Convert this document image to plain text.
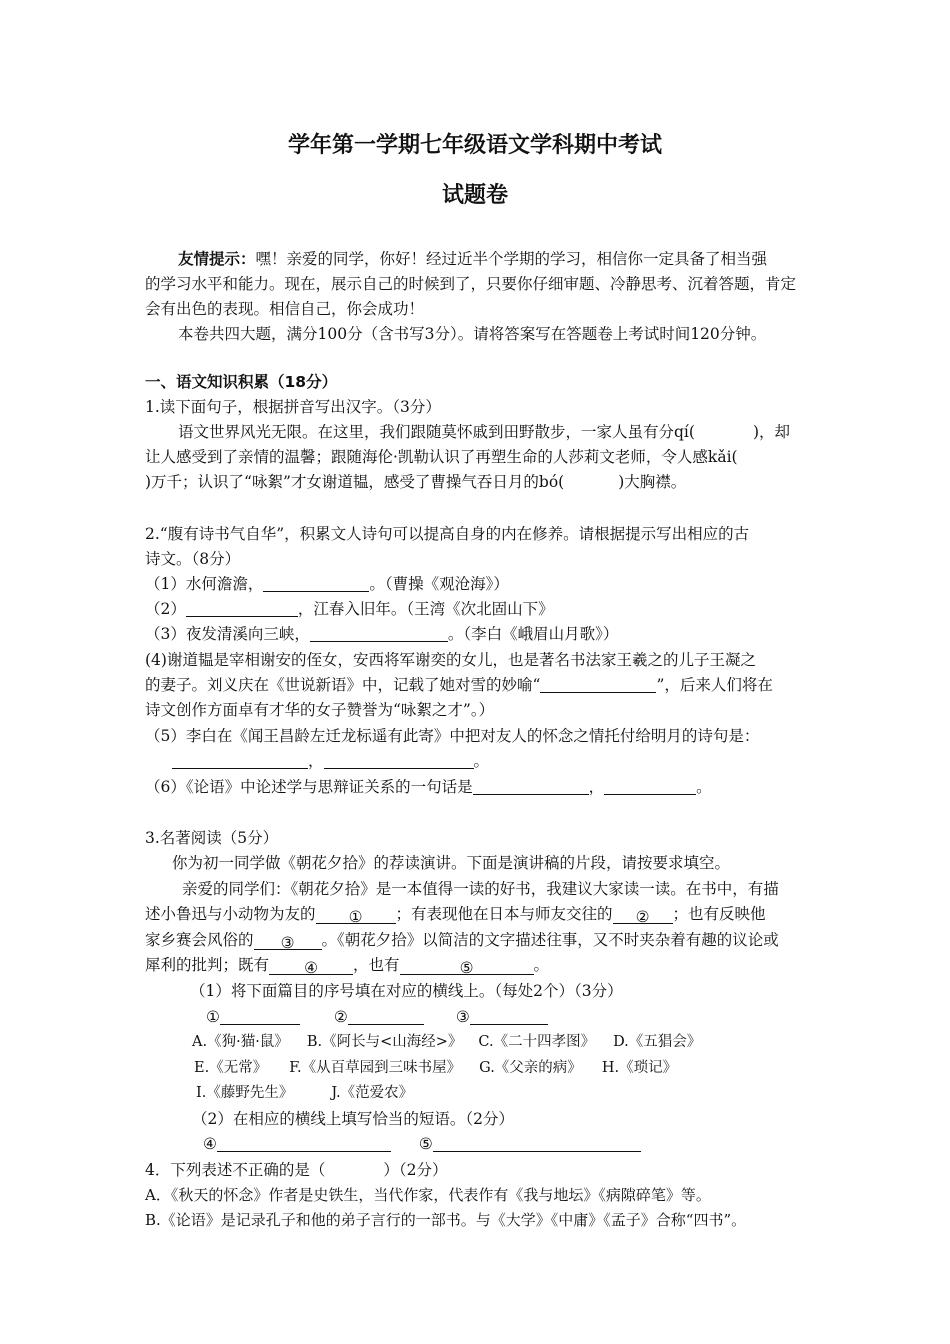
学年第一学期七年级语文学科期中考试
试题卷
友情提示：嘿！亲爱的同学，你好！经过近半个学期的学习，相信你一定具备了相当强
的学习水平和能力。现在，展示自己的时候到了，只要你仔细审题、冷静思考、沉着答题，肯定
会有出色的表现。相信自己，你会成功！
本卷共四大题，满分100分（含书写3分）。请将答案写在答题卷上考试时间120分钟。
一、语文知识积累（18分）
1.读下面句子，根据拼音写出汉字。（3分）
语文世界风光无限。在这里，我们跟随莫怀戚到田野散步，一家人虽有分qí(	)，却
让人感受到了亲情的温馨；跟随海伦·凯勒认识了再塑生命的人莎莉文老师，令人感kǎi(
)万千；认识了“咏絮”才女谢道韫，感受了曹操气吞日月的bó(	)大胸襟。
2.“腹有诗书气自华”，积累文人诗句可以提高自身的内在修养。请根据提示写出相应的古
诗文。（8分）
（1）水何澹澹，	。（曹操《观沧海》）
（2）	，江春入旧年。（王湾《次北固山下》
（3）夜发清溪向三峡，	。（李白《峨眉山月歌》）
(4)谢道韫是宰相谢安的侄女，安西将军谢奕的女儿，也是著名书法家王羲之的儿子王凝之
的妻子。刘义庆在《世说新语》中，记载了她对雪的妙喻“	”，后来人们将在
诗文创作方面卓有才华的女子赞誉为“咏絮之才”。）
（5）李白在《闻王昌龄左迁龙标遥有此寄》中把对友人的怀念之情托付给明月的诗句是：
，	。
（6）《论语》中论述学与思辩证关系的一句话是	，	。
3.名著阅读（5分）
你为初一同学做《朝花夕拾》的荐读演讲。下面是演讲稿的片段，请按要求填空。
亲爱的同学们：《朝花夕拾》是一本值得一读的好书，我建议大家读一读。在书中，有描
述小鲁迅与小动物为友的 ① ；有表现他在日本与师友交往的 ② ；也有反映他
家乡赛会风俗的 ③ 。《朝花夕拾》以简洁的文字描述往事，又不时夹杂着有趣的议论或
犀利的批判；既有 ④ ，也有	⑤	。
（1）将下面篇目的序号填在对应的横线上。（每处2个）（3分）
①	②	③
A.《狗·猫·鼠》 B.《阿长与<山海经>》 C.《二十四孝图》 D.《五猖会》
E.《无常》 F.《从百草园到三味书屋》 G.《父亲的病》 H.《琐记》
I.《藤野先生》	J.《范爱农》
（2）在相应的横线上填写恰当的短语。（2分）
④	⑤
4．下列表述不正确的是（	）（2分）
A．《秋天的怀念》作者是史铁生，当代作家，代表作有《我与地坛》《病隙碎笔》等。
B.《论语》是记录孔子和他的弟子言行的一部书。与《大学》《中庸》《孟子》合称“四书”。
